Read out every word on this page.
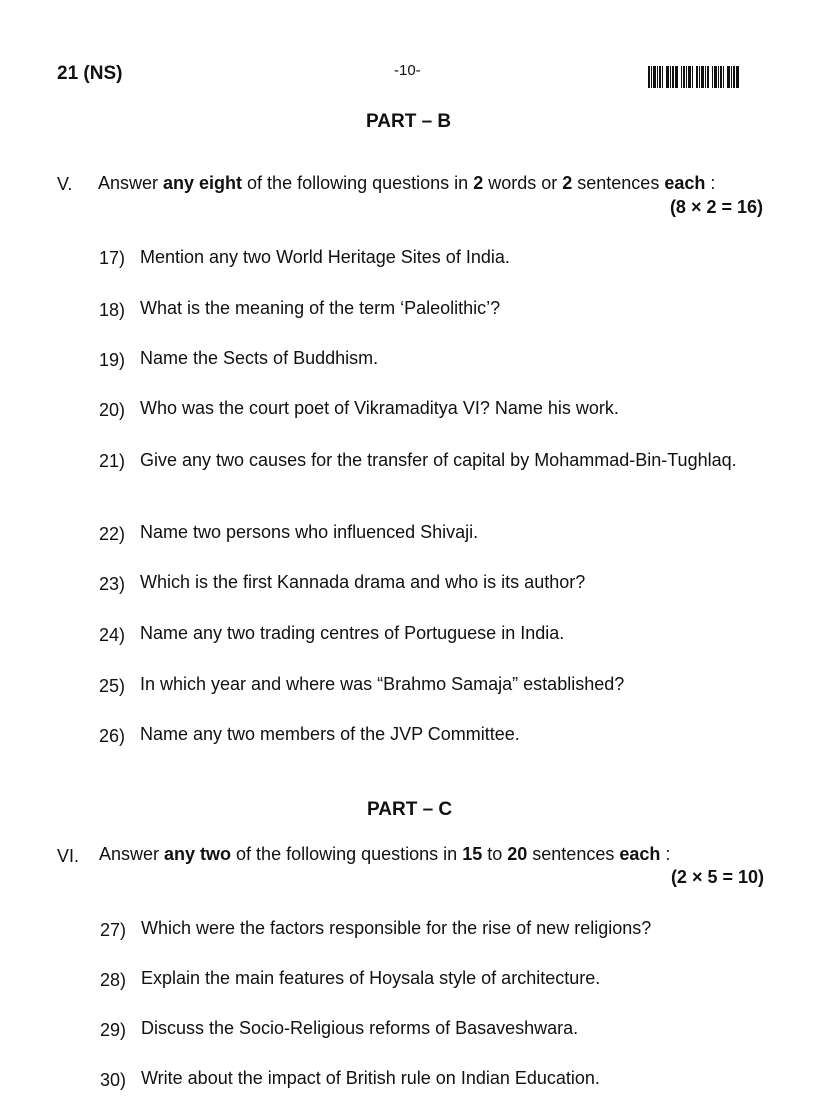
21 (NS)	-10-
PART – B
V. Answer any eight of the following questions in 2 words or 2 sentences each :
(8 × 2 = 16)
17) Mention any two World Heritage Sites of India.
18) What is the meaning of the term ‘Paleolithic’?
19) Name the Sects of Buddhism.
20) Who was the court poet of Vikramaditya VI? Name his work.
21) Give any two causes for the transfer of capital by Mohammad-Bin-Tughlaq.
22) Name two persons who influenced Shivaji.
23) Which is the first Kannada drama and who is its author?
24) Name any two trading centres of Portuguese in India.
25) In which year and where was “Brahmo Samaja” established?
26) Name any two members of the JVP Committee.
PART – C
VI. Answer any two of the following questions in 15 to 20 sentences each :
(2 × 5 = 10)
27) Which were the factors responsible for the rise of new religions?
28) Explain the main features of Hoysala style of architecture.
29) Discuss the Socio-Religious reforms of Basaveshwara.
30) Write about the impact of British rule on Indian Education.
